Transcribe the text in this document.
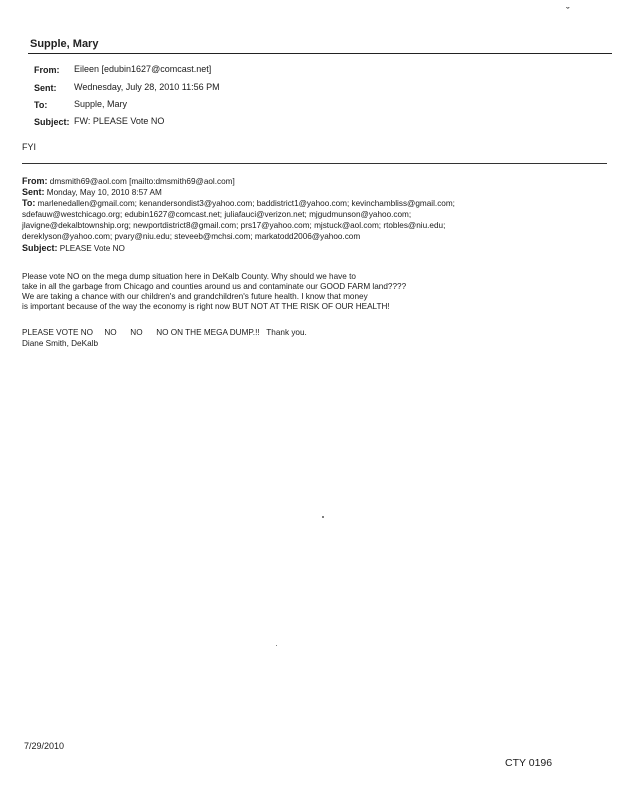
ˇ
Supple, Mary
From: Eileen [edubin1627@comcast.net]
Sent: Wednesday, July 28, 2010 11:56 PM
To:	Supple, Mary
Subject: FW: PLEASE Vote NO
FYI
From: dmsmith69@aol.com [mailto:dmsmith69@aol.com]
Sent: Monday, May 10, 2010 8:57 AM
To: marlenedallen@gmail.com; kenandersondist3@yahoo.com; baddistrict1@yahoo.com; kevinchambliss@gmail.com;
sdefauw@westchicago.org; edubin1627@comcast.net; juliafauci@verizon.net; mjgudmunson@yahoo.com;
jlavigne@dekalbtownship.org; newportdistrict8@gmail.com; prs17@yahoo.com; mjstuck@aol.com; rtobles@niu.edu;
dereklyson@yahoo.com; pvary@niu.edu; steveeb@mchsi.com; markatodd2006@yahoo.com
Subject: PLEASE Vote NO
Please vote NO on the mega dump situation here in DeKalb County. Why should we have to
take in all the garbage from Chicago and counties around us and contaminate our GOOD FARM land????
We are taking a chance with our children's and grandchildren's future health. I know that money
is important because of the way the economy is right now BUT NOT AT THE RISK OF OUR HEALTH!
PLEASE VOTE NO     NO      NO      NO ON THE MEGA DUMP.!!   Thank you.
Diane Smith, DeKalb
7/29/2010
CTY 0196
